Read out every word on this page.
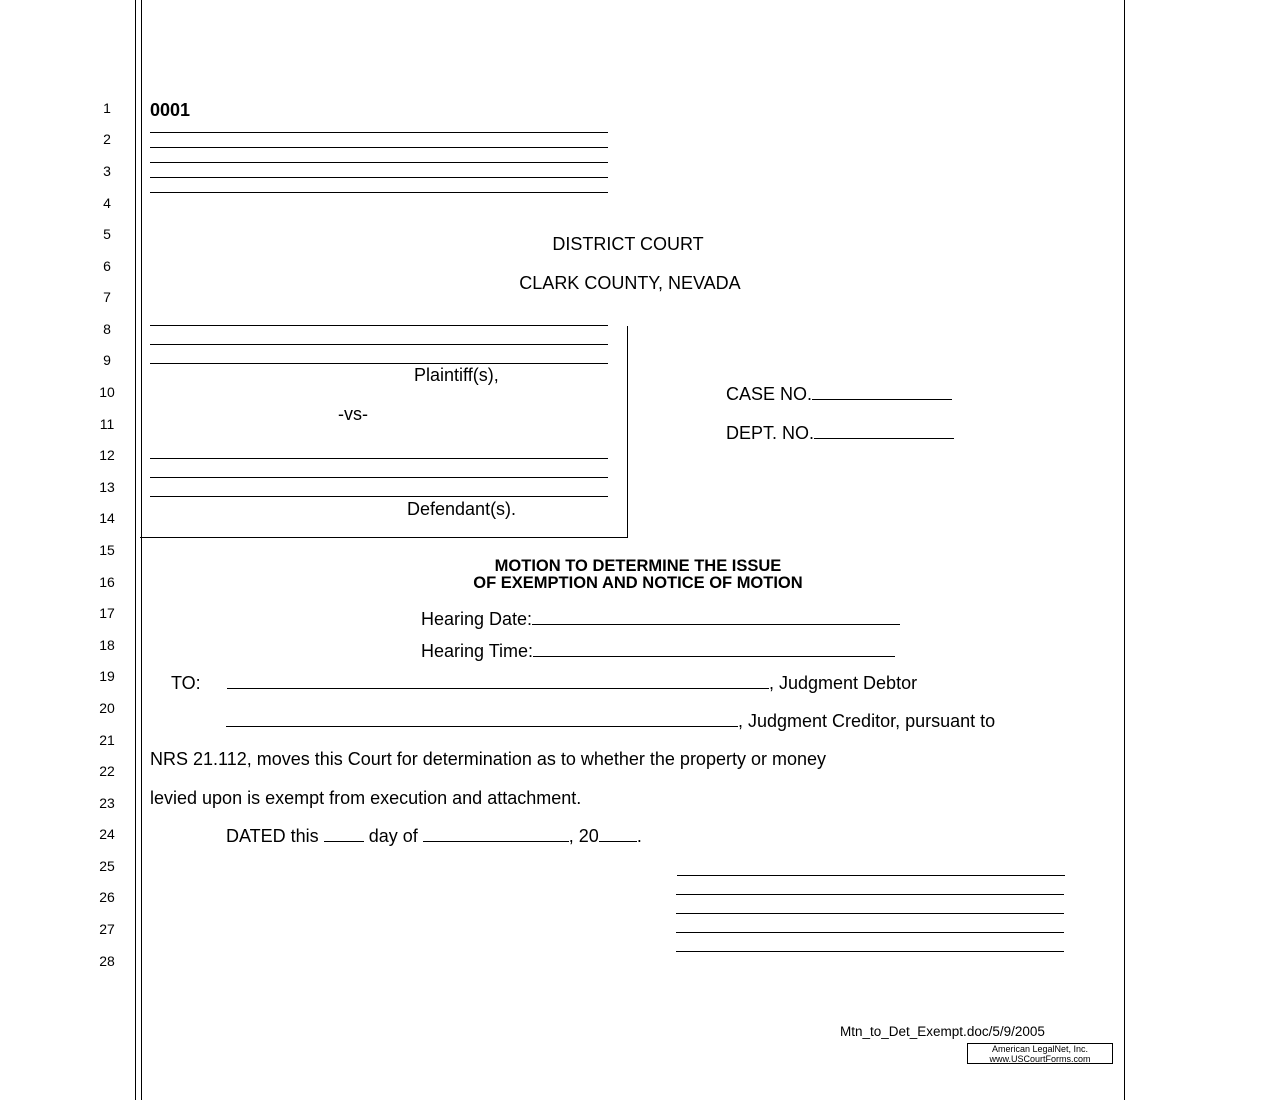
1
2
3
4
5
6
7
8
9
10
11
12
13
14
15
16
17
18
19
20
21
22
23
24
25
26
27
28
0001
DISTRICT COURT
CLARK COUNTY, NEVADA
Plaintiff(s),
-vs-
Defendant(s).
CASE NO.
DEPT. NO.
MOTION TO DETERMINE THE ISSUE
OF EXEMPTION AND NOTICE OF MOTION
Hearing Date:
Hearing Time:
TO:	, Judgment Debtor
, Judgment Creditor, pursuant to
NRS 21.112, moves this Court for determination as to whether the property or money
levied upon is exempt from execution and attachment.
DATED this	day of	, 20 .
Mtn_to_Det_Exempt.doc/5/9/2005
American LegalNet, Inc.
www.USCourtForms.com
